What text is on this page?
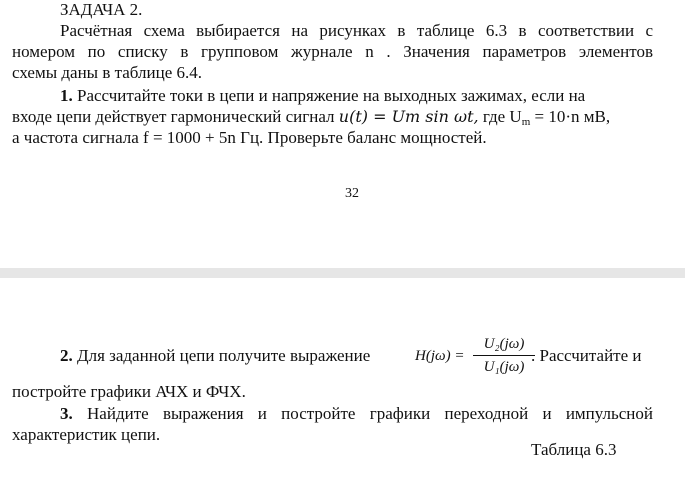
ЗАДАЧА 2.
Расчётная схема выбирается на рисунках в таблице 6.3 в соответствии с
номером по списку в групповом журнале n . Значения параметров элементов
схемы даны в таблице 6.4.
1. Рассчитайте токи в цепи и напряжение на выходных зажимах, если на
входе цепи действует гармонический сигнал u(t) = Um sin ωt, где $U_m = 10\cdot n$ мВ,
а частота сигнала f = 1000 + 5n Гц. Проверьте баланс мощностей.
32
2. Для заданной цепи получите выражение	H(jω) =
U₂(jω)
U₁(jω)
. Рассчитайте и
постройте графики АЧХ и ФЧХ.
3. Найдите выражения и постройте графики переходной и импульсной
характеристик цепи.
Таблица 6.3
